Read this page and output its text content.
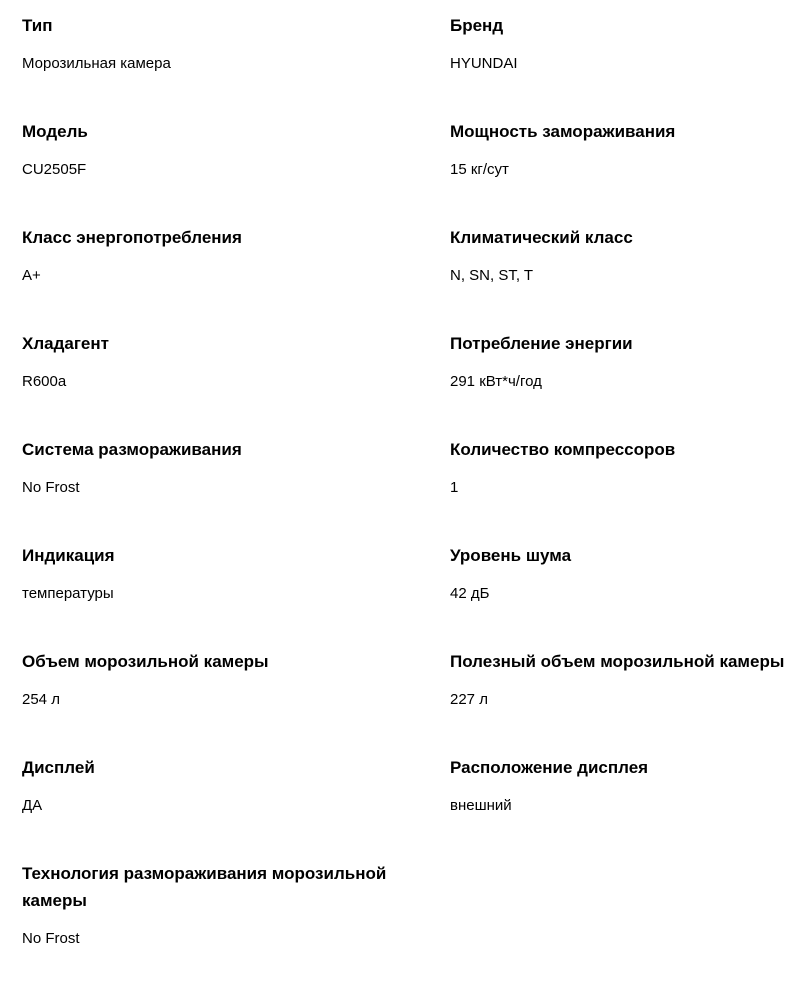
Тип
Морозильная камера
Бренд
HYUNDAI
Модель
CU2505F
Мощность замораживания
15 кг/сут
Класс энергопотребления
A+
Климатический класс
N, SN, ST, T
Хладагент
R600a
Потребление энергии
291 кВт*ч/год
Система размораживания
No Frost
Количество компрессоров
1
Индикация
температуры
Уровень шума
42 дБ
Объем морозильной камеры
254 л
Полезный объем морозильной камеры
227 л
Дисплей
ДА
Расположение дисплея
внешний
Технология размораживания морозильной камеры
No Frost
